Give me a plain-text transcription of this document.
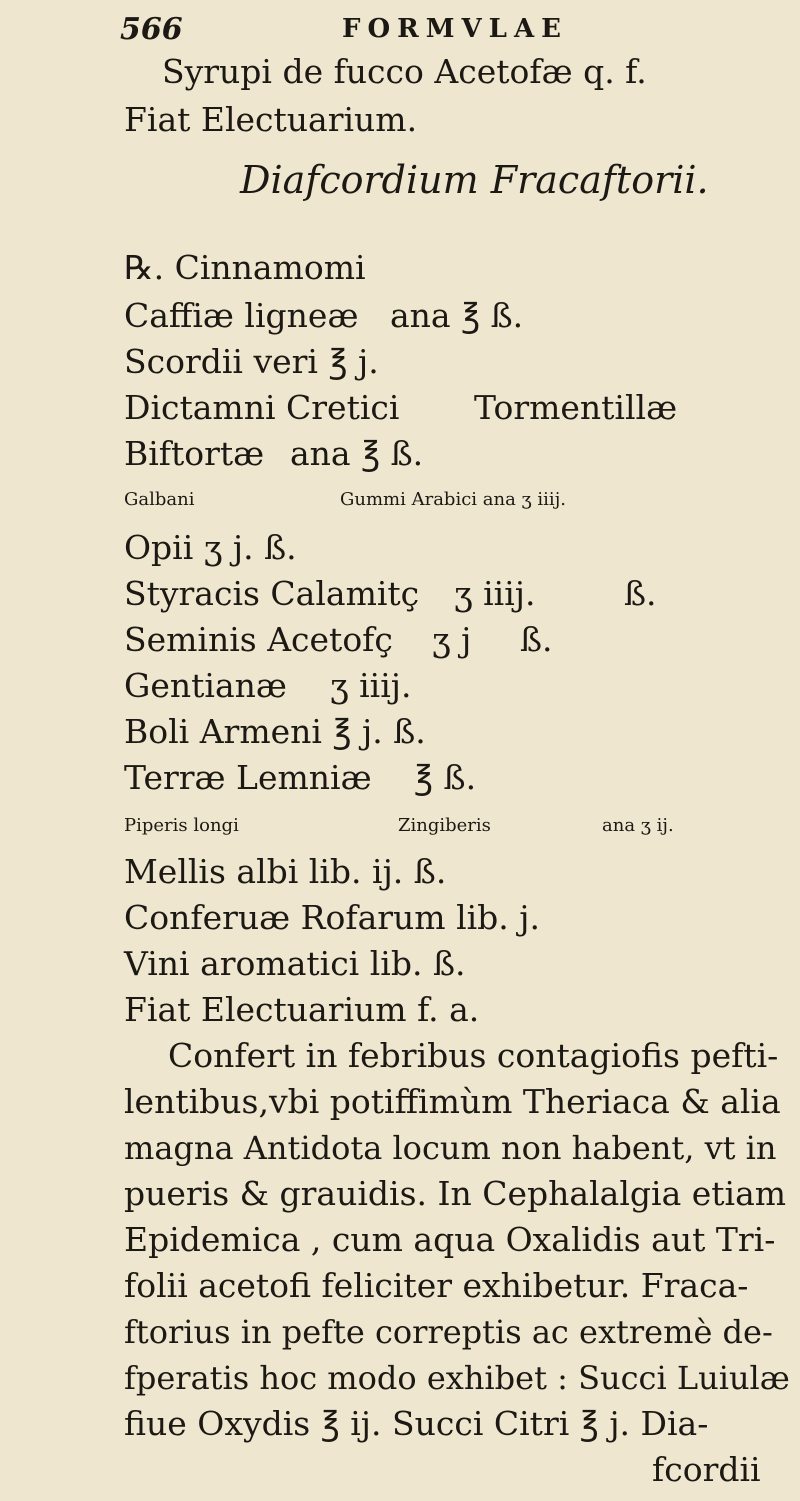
566	FORMVLAE
Syrupi de fucco Acetofæ q. f.
Fiat Electuarium.
Diafcordium Fracaftorii.
℞. Cinnamomi
Caffiæ ligneæ ana ℥ ß.
Scordii veri ℥ j.
Dictamni Cretici Tormentillæ
Biftortæ ana ℥ ß.
Galbani	Gummi Arabici ana ʒ iiij.
Opii ʒ j. ß.
Styracis Calamitç ʒ iiij.	ß.
Seminis Acetofç ʒ j ß.
Gentianæ ʒ iiij.
Boli Armeni ℥ j. ß.
Terræ Lemniæ ℥ ß.
Piperis longi	Zingiberis	ana ʒ ij.
Mellis albi lib. ij. ß.
Conferuæ Rofarum lib. j.
Vini aromatici lib. ß.
Fiat Electuarium f. a.
Confert in febribus contagiofis pefti-
lentibus,vbi potiffimùm Theriaca & alia
magna Antidota locum non habent, vt in
pueris & grauidis. In Cephalalgia etiam
Epidemica , cum aqua Oxalidis aut Tri-
folii acetofi feliciter exhibetur. Fraca-
ftorius in pefte correptis ac extremè de-
fperatis hoc modo exhibet : Succi Luiulæ
fiue Oxydis ℥ ij. Succi Citri ℥ j. Dia-
fcordii
